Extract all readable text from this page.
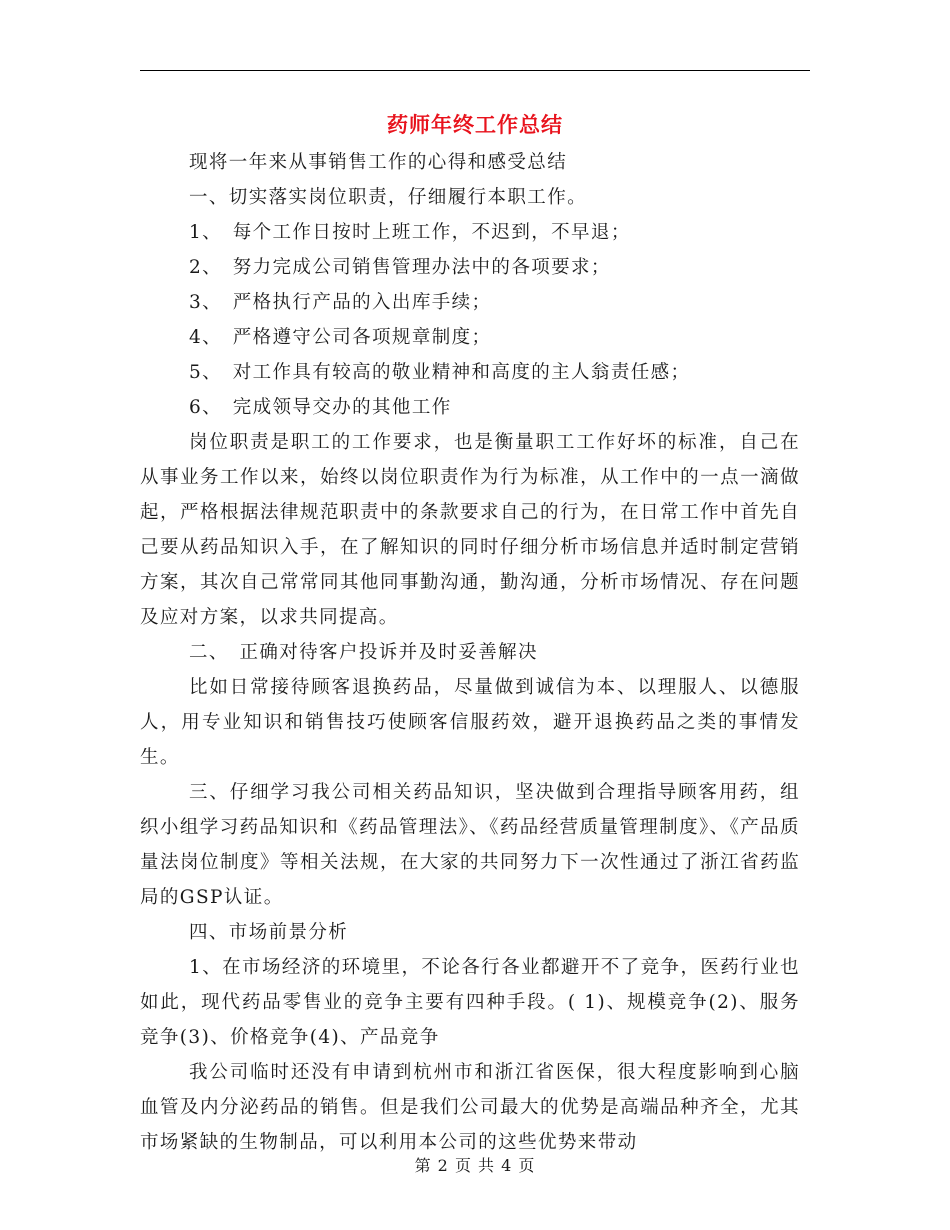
药师年终工作总结

现将一年来从事销售工作的心得和感受总结

一、切实落实岗位职责，仔细履行本职工作。

1、　每个工作日按时上班工作，不迟到，不早退；

2、　努力完成公司销售管理办法中的各项要求；

3、　严格执行产品的入出库手续；

4、　严格遵守公司各项规章制度；

5、　对工作具有较高的敬业精神和高度的主人翁责任感；

6、　完成领导交办的其他工作

岗位职责是职工的工作要求，也是衡量职工工作好坏的标准，自己在从事业务工作以来，始终以岗位职责作为行为标准，从工作中的一点一滴做起，严格根据法律规范职责中的条款要求自己的行为，在日常工作中首先自己要从药品知识入手，在了解知识的同时仔细分析市场信息并适时制定营销方案，其次自己常常同其他同事勤沟通，勤沟通，分析市场情况、存在问题及应对方案，以求共同提高。

二、　正确对待客户投诉并及时妥善解决

比如日常接待顾客退换药品，尽量做到诚信为本、以理服人、以德服人，用专业知识和销售技巧使顾客信服药效，避开退换药品之类的事情发生。

三、仔细学习我公司相关药品知识，坚决做到合理指导顾客用药，组织小组学习药品知识和《药品管理法》、《药品经营质量管理制度》、《产品质量法岗位制度》等相关法规，在大家的共同努力下一次性通过了浙江省药监局的GSP认证。

四、市场前景分析

1、在市场经济的环境里，不论各行各业都避开不了竞争，医药行业也如此，现代药品零售业的竞争主要有四种手段。( 1)、规模竞争(2)、服务竞争(3)、价格竞争(4)、产品竞争

我公司临时还没有申请到杭州市和浙江省医保，很大程度影响到心脑血管及内分泌药品的销售。但是我们公司最大的优势是高端品种齐全，尤其市场紧缺的生物制品，可以利用本公司的这些优势来带动

第 2 页 共 4 页
